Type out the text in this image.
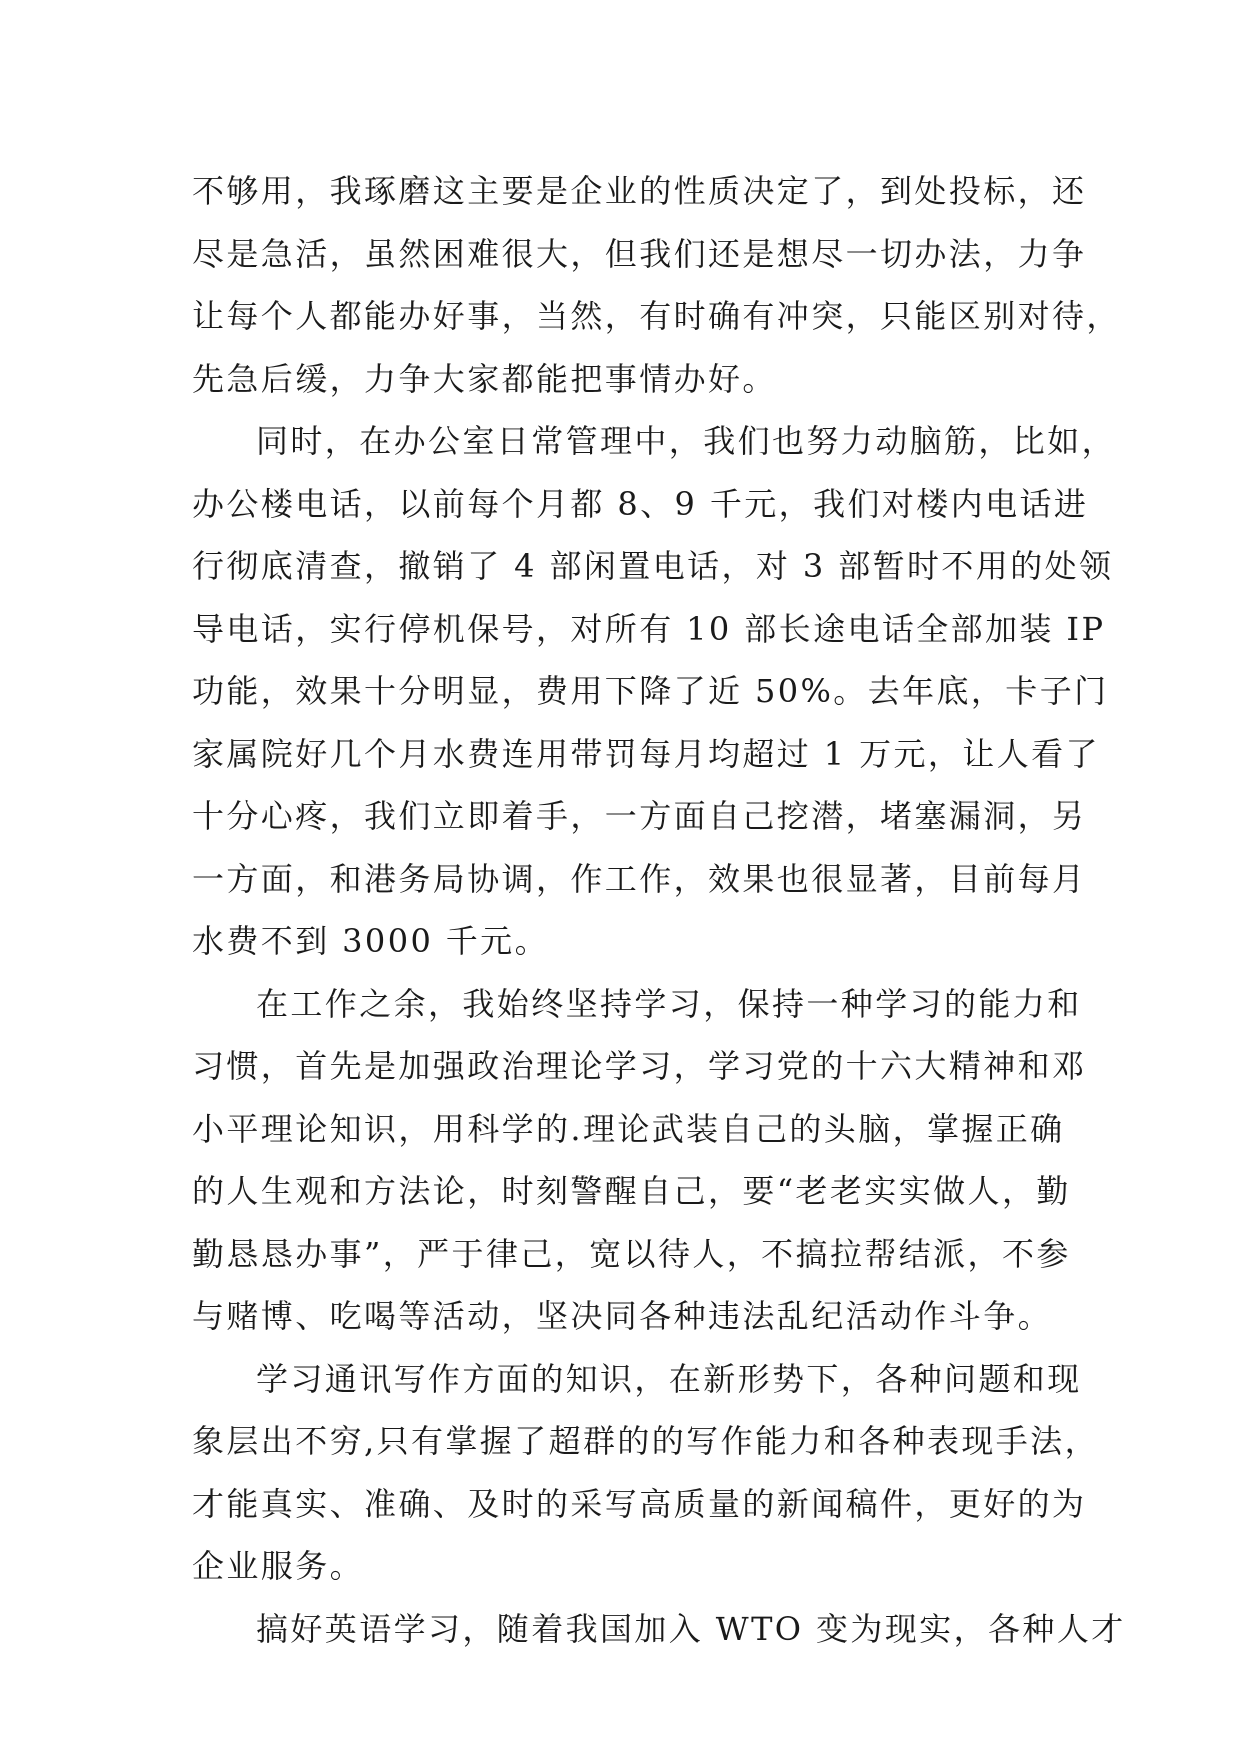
不够用，我琢磨这主要是企业的性质决定了，到处投标，还
尽是急活，虽然困难很大，但我们还是想尽一切办法，力争
让每个人都能办好事，当然，有时确有冲突，只能区别对待，
先急后缓，力争大家都能把事情办好。
同时，在办公室日常管理中，我们也努力动脑筋，比如，
办公楼电话，以前每个月都 8、9 千元，我们对楼内电话进
行彻底清查，撤销了 4 部闲置电话，对 3 部暂时不用的处领
导电话，实行停机保号，对所有 10 部长途电话全部加装 IP
功能，效果十分明显，费用下降了近 50%。去年底，卡子门
家属院好几个月水费连用带罚每月均超过 1 万元，让人看了
十分心疼，我们立即着手，一方面自己挖潜，堵塞漏洞，另
一方面，和港务局协调，作工作，效果也很显著，目前每月
水费不到 3000 千元。
在工作之余，我始终坚持学习，保持一种学习的能力和
习惯，首先是加强政治理论学习，学习党的十六大精神和邓
小平理论知识，用科学的.理论武装自己的头脑，掌握正确
的人生观和方法论，时刻警醒自己，要“老老实实做人，勤
勤恳恳办事”，严于律己，宽以待人，不搞拉帮结派，不参
与赌博、吃喝等活动，坚决同各种违法乱纪活动作斗争。
学习通讯写作方面的知识，在新形势下，各种问题和现
象层出不穷,只有掌握了超群的的写作能力和各种表现手法，
才能真实、准确、及时的采写高质量的新闻稿件，更好的为
企业服务。
搞好英语学习，随着我国加入 WTO 变为现实，各种人才
